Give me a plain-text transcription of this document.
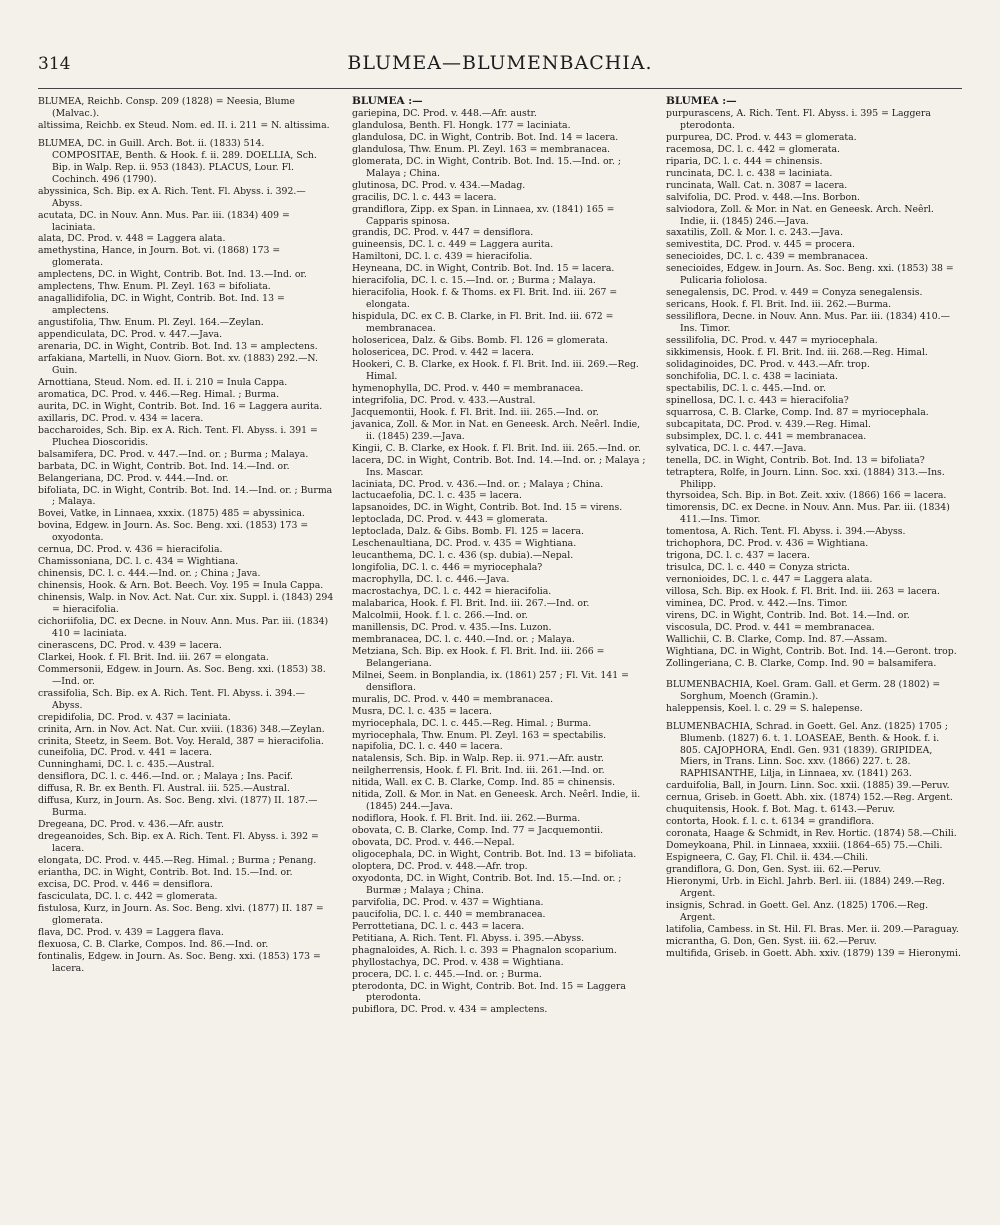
314	BLUMEA—BLUMENBACHIA.

BLUMEA, Reichb. Consp. 209 (1828) = Neesia, Blume (Malvac.).

altissima, Reichb. ex Steud. Nom. ed. II. i. 211 = N. altissima.

BLUMEA, DC. in Guill. Arch. Bot. ii. (1833) 514. COMPOSITAE, Benth. & Hook. f. ii. 289. DOELLIA, Sch. Bip. in Walp. Rep. ii. 953 (1843). PLACUS, Lour. Fl. Cochinch. 496 (1790).

abyssinica, Sch. Bip. ex A. Rich. Tent. Fl. Abyss. i. 392.—Abyss.

acutata, DC. in Nouv. Ann. Mus. Par. iii. (1834) 409 = laciniata.

alata, DC. Prod. v. 448 = Laggera alata.

amethystina, Hance, in Journ. Bot. vi. (1868) 173 = glomerata.

amplectens, DC. in Wight, Contrib. Bot. Ind. 13.—Ind. or.

amplectens, Thw. Enum. Pl. Zeyl. 163 = bifoliata.

anagallidifolia, DC. in Wight, Contrib. Bot. Ind. 13 = amplectens.

angustifolia, Thw. Enum. Pl. Zeyl. 164.—Zeylan.

appendiculata, DC. Prod. v. 447.—Java.

arenaria, DC. in Wight, Contrib. Bot. Ind. 13 = amplectens.

arfakiana, Martelli, in Nuov. Giorn. Bot. xv. (1883) 292.—N. Guin.

Arnottiana, Steud. Nom. ed. II. i. 210 = Inula Cappa.

aromatica, DC. Prod. v. 446.—Reg. Himal. ; Burma.

aurita, DC. in Wight, Contrib. Bot. Ind. 16 = Laggera aurita.

axillaris, DC. Prod. v. 434 = lacera.

baccharoides, Sch. Bip. ex A. Rich. Tent. Fl. Abyss. i. 391 = Pluchea Dioscoridis.

balsamifera, DC. Prod. v. 447.—Ind. or. ; Burma ; Malaya.

barbata, DC. in Wight, Contrib. Bot. Ind. 14.—Ind. or.

Belangeriana, DC. Prod. v. 444.—Ind. or.

bifoliata, DC. in Wight, Contrib. Bot. Ind. 14.—Ind. or. ; Burma ; Malaya.

Bovei, Vatke, in Linnaea, xxxix. (1875) 485 = abyssinica.

bovina, Edgew. in Journ. As. Soc. Beng. xxi. (1853) 173 = oxyodonta.

cernua, DC. Prod. v. 436 = hieracifolia.

Chamissoniana, DC. l. c. 434 = Wightiana.

chinensis, DC. l. c. 444.—Ind. or. ; China ; Java.

chinensis, Hook. & Arn. Bot. Beech. Voy. 195 = Inula Cappa.

chinensis, Walp. in Nov. Act. Nat. Cur. xix. Suppl. i. (1843) 294 = hieracifolia.

cichoriifolia, DC. ex Decne. in Nouv. Ann. Mus. Par. iii. (1834) 410 = laciniata.

cinerascens, DC. Prod. v. 439 = lacera.

Clarkei, Hook. f. Fl. Brit. Ind. iii. 267 = elongata.

Commersonii, Edgew. in Journ. As. Soc. Beng. xxi. (1853) 38.—Ind. or.

crassifolia, Sch. Bip. ex A. Rich. Tent. Fl. Abyss. i. 394.—Abyss.

crepidifolia, DC. Prod. v. 437 = laciniata.

crinita, Arn. in Nov. Act. Nat. Cur. xviii. (1836) 348.—Zeylan.

crinita, Steetz, in Seem. Bot. Voy. Herald, 387 = hieracifolia.

cuneifolia, DC. Prod. v. 441 = lacera.

Cunninghami, DC. l. c. 435.—Austral.

densiflora, DC. l. c. 446.—Ind. or. ; Malaya ; Ins. Pacif.

diffusa, R. Br. ex Benth. Fl. Austral. iii. 525.—Austral.

diffusa, Kurz, in Journ. As. Soc. Beng. xlvi. (1877) II. 187.—Burma.

Dregeana, DC. Prod. v. 436.—Afr. austr.

dregeanoides, Sch. Bip. ex A. Rich. Tent. Fl. Abyss. i. 392 = lacera.

elongata, DC. Prod. v. 445.—Reg. Himal. ; Burma ; Penang.

eriantha, DC. in Wight, Contrib. Bot. Ind. 15.—Ind. or.

excisa, DC. Prod. v. 446 = densiflora.

fasciculata, DC. l. c. 442 = glomerata.

fistulosa, Kurz, in Journ. As. Soc. Beng. xlvi. (1877) II. 187 = glomerata.

flava, DC. Prod. v. 439 = Laggera flava.

flexuosa, C. B. Clarke, Compos. Ind. 86.—Ind. or.

fontinalis, Edgew. in Journ. As. Soc. Beng. xxi. (1853) 173 = lacera.

BLUMEA :—

gariepina, DC. Prod. v. 448.—Afr. austr.

glandulosa, Benth. Fl. Hongk. 177 = laciniata.

glandulosa, DC. in Wight, Contrib. Bot. Ind. 14 = lacera.

glandulosa, Thw. Enum. Pl. Zeyl. 163 = membranacea.

glomerata, DC. in Wight, Contrib. Bot. Ind. 15.—Ind. or. ; Malaya ; China.

glutinosa, DC. Prod. v. 434.—Madag.

gracilis, DC. l. c. 443 = lacera.

grandiflora, Zipp. ex Span. in Linnaea, xv. (1841) 165 = Capparis spinosa.

grandis, DC. Prod. v. 447 = densiflora.

guineensis, DC. l. c. 449 = Laggera aurita.

Hamiltoni, DC. l. c. 439 = hieracifolia.

Heyneana, DC. in Wight, Contrib. Bot. Ind. 15 = lacera.

hieracifolia, DC. l. c. 15.—Ind. or. ; Burma ; Malaya.

hieracifolia, Hook. f. & Thoms. ex Fl. Brit. Ind. iii. 267 = elongata.

hispidula, DC. ex C. B. Clarke, in Fl. Brit. Ind. iii. 672 = membranacea.

holosericea, Dalz. & Gibs. Bomb. Fl. 126 = glomerata.

holosericea, DC. Prod. v. 442 = lacera.

Hookeri, C. B. Clarke, ex Hook. f. Fl. Brit. Ind. iii. 269.—Reg. Himal.

hymenophylla, DC. Prod. v. 440 = membranacea.

integrifolia, DC. Prod. v. 433.—Austral.

Jacquemontii, Hook. f. Fl. Brit. Ind. iii. 265.—Ind. or.

javanica, Zoll. & Mor. in Nat. en Geneesk. Arch. Neêrl. Indie, ii. (1845) 239.—Java.

Kingii, C. B. Clarke, ex Hook. f. Fl. Brit. Ind. iii. 265.—Ind. or.

lacera, DC. in Wight, Contrib. Bot. Ind. 14.—Ind. or. ; Malaya ; Ins. Mascar.

laciniata, DC. Prod. v. 436.—Ind. or. ; Malaya ; China.

lactucaefolia, DC. l. c. 435 = lacera.

lapsanoides, DC. in Wight, Contrib. Bot. Ind. 15 = virens.

leptoclada, DC. Prod. v. 443 = glomerata.

leptoclada, Dalz. & Gibs. Bomb. Fl. 125 = lacera.

Leschenaultiana, DC. Prod. v. 435 = Wightiana.

leucanthema, DC. l. c. 436 (sp. dubia).—Nepal.

longifolia, DC. l. c. 446 = myriocephala?

macrophylla, DC. l. c. 446.—Java.

macrostachya, DC. l. c. 442 = hieracifolia.

malabarica, Hook. f. Fl. Brit. Ind. iii. 267.—Ind. or.

Malcolmii, Hook. f. l. c. 266.—Ind. or.

manillensis, DC. Prod. v. 435.—Ins. Luzon.

membranacea, DC. l. c. 440.—Ind. or. ; Malaya.

Metziana, Sch. Bip. ex Hook. f. Fl. Brit. Ind. iii. 266 = Belangeriana.

Milnei, Seem. in Bonplandia, ix. (1861) 257 ; Fl. Vit. 141 = densiflora.

muralis, DC. Prod. v. 440 = membranacea.

Musra, DC. l. c. 435 = lacera.

myriocephala, DC. l. c. 445.—Reg. Himal. ; Burma.

myriocephala, Thw. Enum. Pl. Zeyl. 163 = spectabilis.

napifolia, DC. l. c. 440 = lacera.

natalensis, Sch. Bip. in Walp. Rep. ii. 971.—Afr. austr.

neilgherrensis, Hook. f. Fl. Brit. Ind. iii. 261.—Ind. or.

nitida, Wall. ex C. B. Clarke, Comp. Ind. 85 = chinensis.

nitida, Zoll. & Mor. in Nat. en Geneesk. Arch. Neêrl. Indie, ii. (1845) 244.—Java.

nodiflora, Hook. f. Fl. Brit. Ind. iii. 262.—Burma.

obovata, C. B. Clarke, Comp. Ind. 77 = Jacquemontii.

obovata, DC. Prod. v. 446.—Nepal.

oligocephala, DC. in Wight, Contrib. Bot. Ind. 13 = bifoliata.

oloptera, DC. Prod. v. 448.—Afr. trop.

oxyodonta, DC. in Wight, Contrib. Bot. Ind. 15.—Ind. or. ; Burmæ ; Malaya ; China.

parvifolia, DC. Prod. v. 437 = Wightiana.

paucifolia, DC. l. c. 440 = membranacea.

Perrottetiana, DC. l. c. 443 = lacera.

Petitiana, A. Rich. Tent. Fl. Abyss. i. 395.—Abyss.

phagnaloides, A. Rich. l. c. 393 = Phagnalon scoparium.

phyllostachya, DC. Prod. v. 438 = Wightiana.

procera, DC. l. c. 445.—Ind. or. ; Burma.

pterodonta, DC. in Wight, Contrib. Bot. Ind. 15 = Laggera pterodonta.

pubiflora, DC. Prod. v. 434 = amplectens.

BLUMEA :—

purpurascens, A. Rich. Tent. Fl. Abyss. i. 395 = Laggera pterodonta.

purpurea, DC. Prod. v. 443 = glomerata.

racemosa, DC. l. c. 442 = glomerata.

riparia, DC. l. c. 444 = chinensis.

runcinata, DC. l. c. 438 = laciniata.

runcinata, Wall. Cat. n. 3087 = lacera.

salvifolia, DC. Prod. v. 448.—Ins. Borbon.

salviodora, Zoll. & Mor. in Nat. en Geneesk. Arch. Neêrl. Indie, ii. (1845) 246.—Java.

saxatilis, Zoll. & Mor. l. c. 243.—Java.

semivestita, DC. Prod. v. 445 = procera.

senecioides, DC. l. c. 439 = membranacea.

senecioides, Edgew. in Journ. As. Soc. Beng. xxi. (1853) 38 = Pulicaria foliolosa.

senegalensis, DC. Prod. v. 449 = Conyza senegalensis.

sericans, Hook. f. Fl. Brit. Ind. iii. 262.—Burma.

sessiliflora, Decne. in Nouv. Ann. Mus. Par. iii. (1834) 410.—Ins. Timor.

sessilifolia, DC. Prod. v. 447 = myriocephala.

sikkimensis, Hook. f. Fl. Brit. Ind. iii. 268.—Reg. Himal.

solidaginoides, DC. Prod. v. 443.—Afr. trop.

sonchifolia, DC. l. c. 438 = laciniata.

spectabilis, DC. l. c. 445.—Ind. or.

spinellosa, DC. l. c. 443 = hieracifolia?

squarrosa, C. B. Clarke, Comp. Ind. 87 = myriocephala.

subcapitata, DC. Prod. v. 439.—Reg. Himal.

subsimplex, DC. l. c. 441 = membranacea.

sylvatica, DC. l. c. 447.—Java.

tenella, DC. in Wight, Contrib. Bot. Ind. 13 = bifoliata?

tetraptera, Rolfe, in Journ. Linn. Soc. xxi. (1884) 313.—Ins. Philipp.

thyrsoidea, Sch. Bip. in Bot. Zeit. xxiv. (1866) 166 = lacera.

timorensis, DC. ex Decne. in Nouv. Ann. Mus. Par. iii. (1834) 411.—Ins. Timor.

tomentosa, A. Rich. Tent. Fl. Abyss. i. 394.—Abyss.

trichophora, DC. Prod. v. 436 = Wightiana.

trigona, DC. l. c. 437 = lacera.

trisulca, DC. l. c. 440 = Conyza stricta.

vernonioides, DC. l. c. 447 = Laggera alata.

villosa, Sch. Bip. ex Hook. f. Fl. Brit. Ind. iii. 263 = lacera.

viminea, DC. Prod. v. 442.—Ins. Timor.

virens, DC. in Wight, Contrib. Ind. Bot. 14.—Ind. or.

viscosula, DC. Prod. v. 441 = membranacea.

Wallichii, C. B. Clarke, Comp. Ind. 87.—Assam.

Wightiana, DC. in Wight, Contrib. Bot. Ind. 14.—Geront. trop.

Zollingeriana, C. B. Clarke, Comp. Ind. 90 = balsamifera.

BLUMENBACHIA, Koel. Gram. Gall. et Germ. 28 (1802) = Sorghum, Moench (Gramin.).

haleppensis, Koel. l. c. 29 = S. halepense.

BLUMENBACHIA, Schrad. in Goett. Gel. Anz. (1825) 1705 ; Blumenb. (1827) 6. t. 1. LOASEAE, Benth. & Hook. f. i. 805. CAJOPHORA, Endl. Gen. 931 (1839). GRIPIDEA, Miers, in Trans. Linn. Soc. xxv. (1866) 227. t. 28. RAPHISANTHE, Lilja, in Linnaea, xv. (1841) 263.

carduifolia, Ball, in Journ. Linn. Soc. xxii. (1885) 39.—Peruv.

cernua, Griseb. in Goett. Abh. xix. (1874) 152.—Reg. Argent.

chuquitensis, Hook. f. Bot. Mag. t. 6143.—Peruv.

contorta, Hook. f. l. c. t. 6134 = grandiflora.

coronata, Haage & Schmidt, in Rev. Hortic. (1874) 58.—Chili.

Domeykoana, Phil. in Linnaea, xxxiii. (1864–65) 75.—Chili.

Espigneera, C. Gay, Fl. Chil. ii. 434.—Chili.

grandiflora, G. Don, Gen. Syst. iii. 62.—Peruv.

Hieronymi, Urb. in Eichl. Jahrb. Berl. iii. (1884) 249.—Reg. Argent.

insignis, Schrad. in Goett. Gel. Anz. (1825) 1706.—Reg. Argent.

latifolia, Cambess. in St. Hil. Fl. Bras. Mer. ii. 209.—Paraguay.

micrantha, G. Don, Gen. Syst. iii. 62.—Peruv.

multifida, Griseb. in Goett. Abh. xxiv. (1879) 139 = Hieronymi.
